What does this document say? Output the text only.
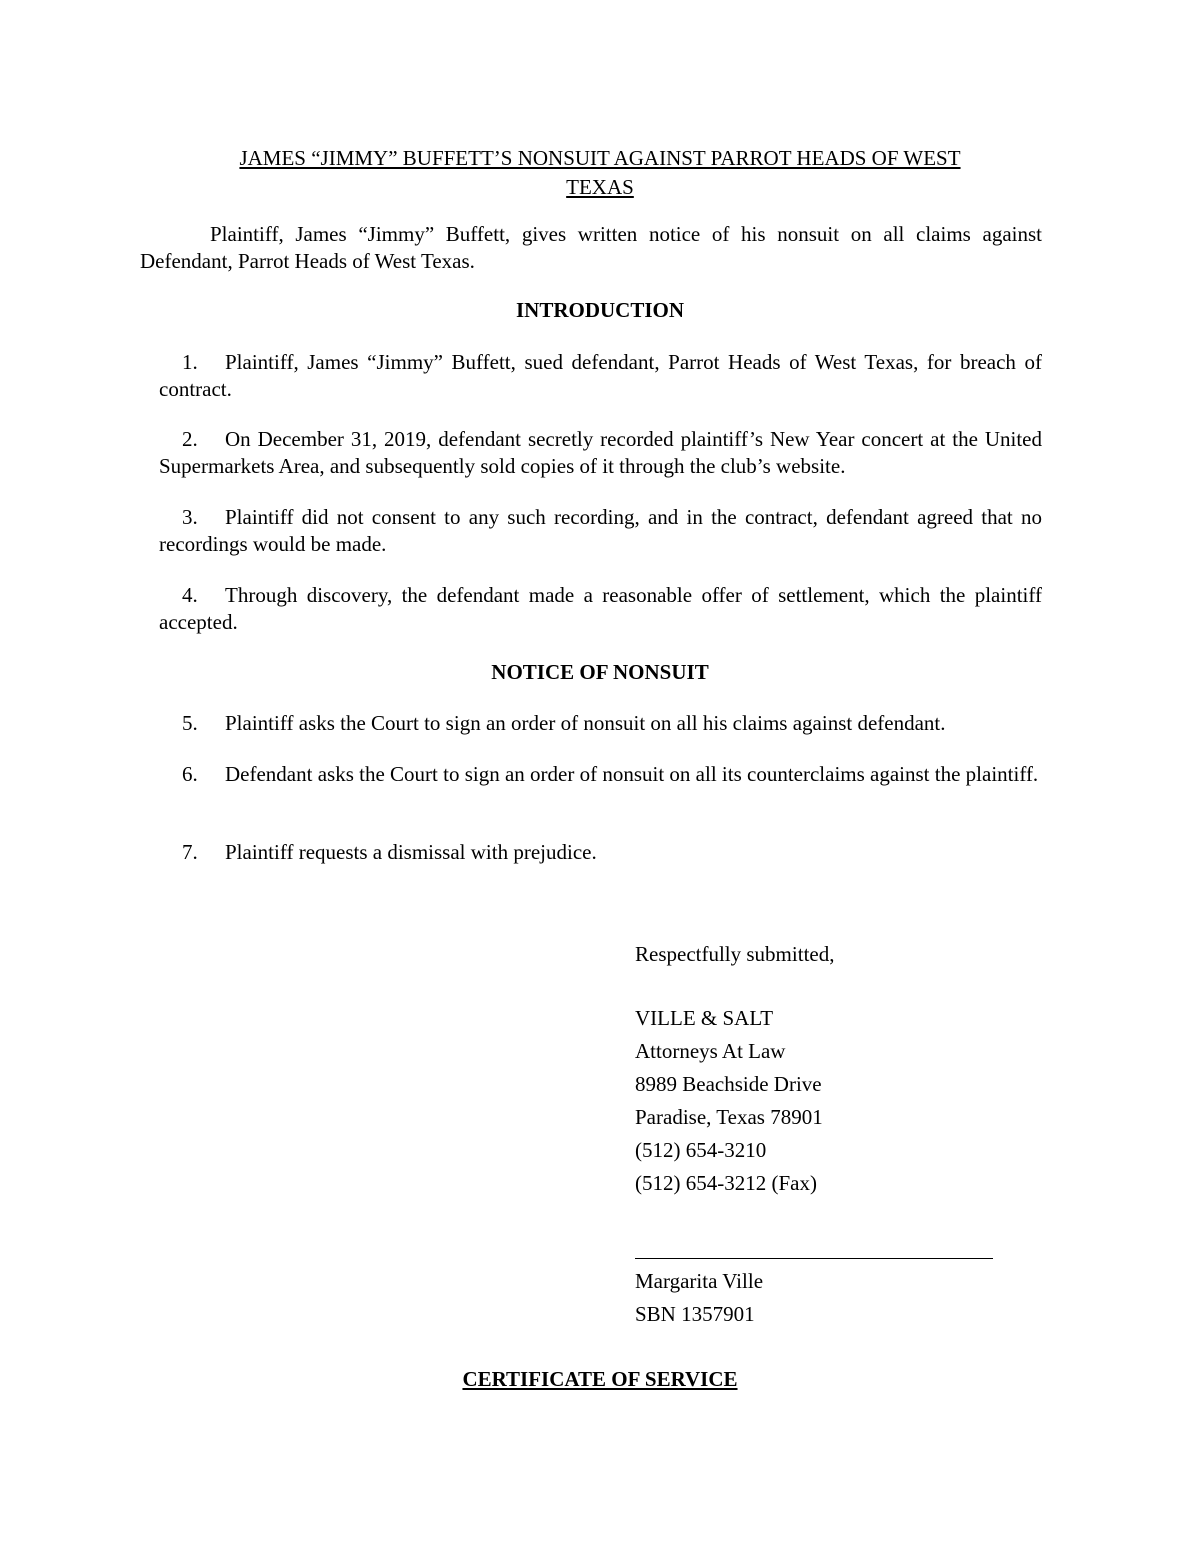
JAMES “JIMMY” BUFFETT’S NONSUIT AGAINST PARROT HEADS OF WEST
TEXAS
Plaintiff, James “Jimmy” Buffett, gives written notice of his nonsuit on all claims against Defendant, Parrot Heads of West Texas.
INTRODUCTION
1. Plaintiff, James “Jimmy” Buffett, sued defendant, Parrot Heads of West Texas, for breach of contract.
2. On December 31, 2019, defendant secretly recorded plaintiff’s New Year concert at the United Supermarkets Area, and subsequently sold copies of it through the club’s website.
3. Plaintiff did not consent to any such recording, and in the contract, defendant agreed that no recordings would be made.
4. Through discovery, the defendant made a reasonable offer of settlement, which the plaintiff accepted.
NOTICE OF NONSUIT
5. Plaintiff asks the Court to sign an order of nonsuit on all his claims against defendant.
6. Defendant asks the Court to sign an order of nonsuit on all its counterclaims against the plaintiff.
7. Plaintiff requests a dismissal with prejudice.
Respectfully submitted,
VILLE & SALT
Attorneys At Law
8989 Beachside Drive
Paradise, Texas 78901
(512) 654-3210
(512) 654-3212 (Fax)
Margarita Ville
SBN 1357901
CERTIFICATE OF SERVICE
